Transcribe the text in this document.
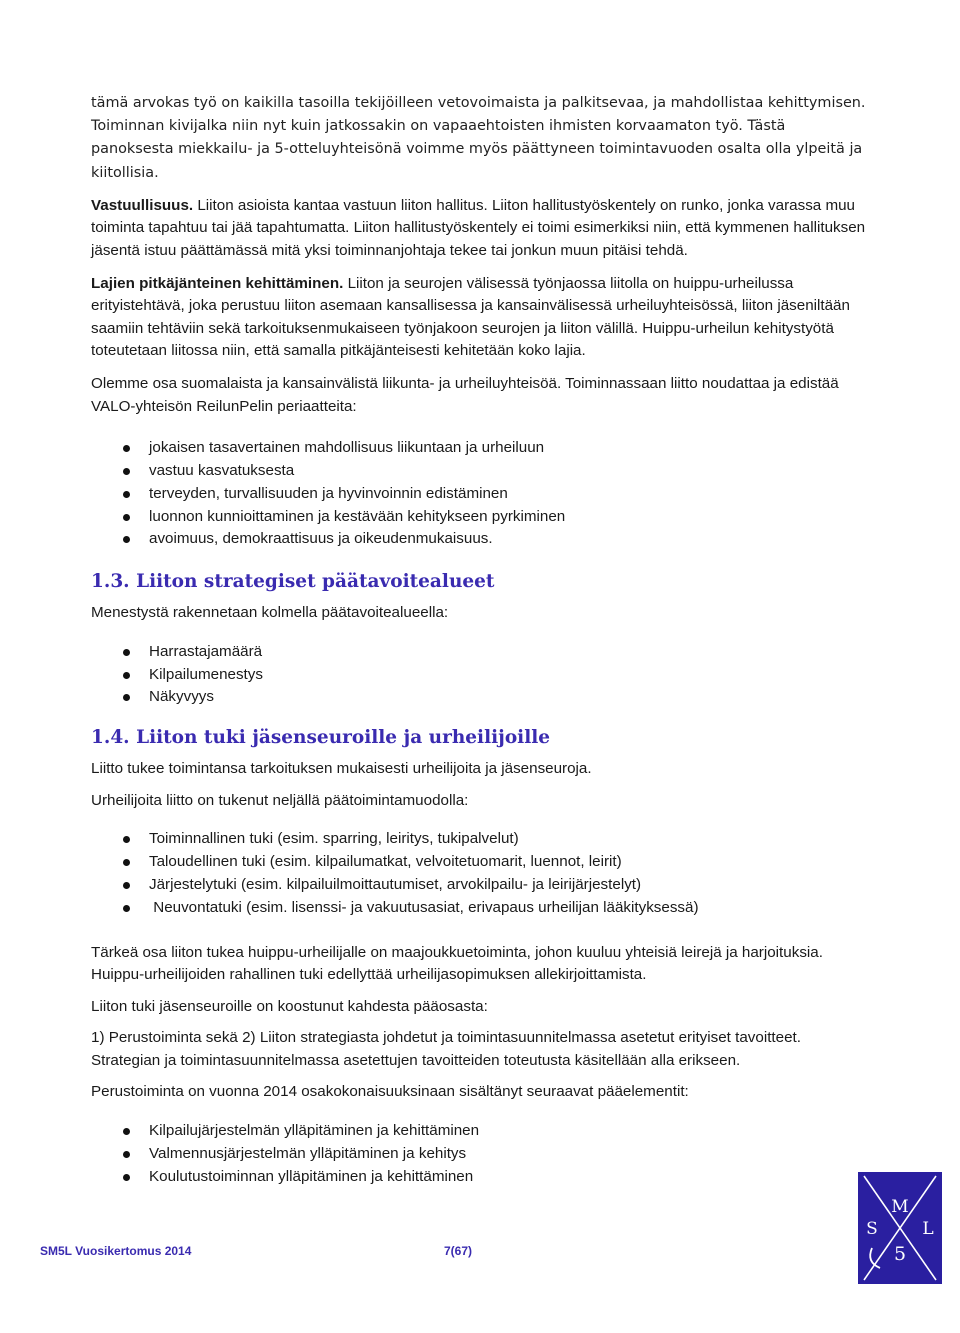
tämä arvokas työ on kaikilla tasoilla tekijöilleen vetovoimaista ja palkitsevaa, ja mahdollistaa kehittymisen. Toiminnan kivijalka niin nyt kuin jatkossakin on vapaaehtoisten ihmisten korvaamaton työ. Tästä panoksesta miekkailu- ja 5-otteluyhteisönä voimme myös päättyneen toimintavuoden osalta olla ylpeitä ja kiitollisia.

Vastuullisuus. Liiton asioista kantaa vastuun liiton hallitus. Liiton hallitustyöskentely on runko, jonka varassa muu toiminta tapahtuu tai jää tapahtumatta. Liiton hallitustyöskentely ei toimi esimerkiksi niin, että kymmenen hallituksen jäsentä istuu päättämässä mitä yksi toiminnanjohtaja tekee tai jonkun muun pitäisi tehdä.

Lajien pitkäjänteinen kehittäminen. Liiton ja seurojen välisessä työnjaossa liitolla on huippu-urheilussa erityistehtävä, joka perustuu liiton asemaan kansallisessa ja kansainvälisessä urheiluyhteisössä, liiton jäseniltään saamiin tehtäviin sekä tarkoituksenmukaiseen työnjakoon seurojen ja liiton välillä. Huippu-urheilun kehitystyötä toteutetaan liitossa niin, että samalla pitkäjänteisesti kehitetään koko lajia.

Olemme osa suomalaista ja kansainvälistä liikunta- ja urheiluyhteisöä. Toiminnassaan liitto noudattaa ja edistää VALO-yhteisön ReilunPelin periaatteita:

jokaisen tasavertainen mahdollisuus liikuntaan ja urheiluun
vastuu kasvatuksesta
terveyden, turvallisuuden ja hyvinvoinnin edistäminen
luonnon kunnioittaminen ja kestävään kehitykseen pyrkiminen
avoimuus, demokraattisuus ja oikeudenmukaisuus.
1.3. Liiton strategiset päätavoitealueet

Menestystä rakennetaan kolmella päätavoitealueella:

Harrastajamäärä
Kilpailumenestys
Näkyvyys
1.4. Liiton tuki jäsenseuroille ja urheilijoille

Liitto tukee toimintansa tarkoituksen mukaisesti urheilijoita ja jäsenseuroja.

Urheilijoita liitto on tukenut neljällä päätoimintamuodolla:

Toiminnallinen tuki (esim. sparring, leiritys, tukipalvelut)
Taloudellinen tuki (esim. kilpailumatkat, velvoitetuomarit, luennot, leirit)
Järjestelytuki (esim. kilpailuilmoittautumiset, arvokilpailu- ja leirijärjestelyt)
Neuvontatuki (esim. lisenssi- ja vakuutusasiat, erivapaus urheilijan lääkityksessä)

Tärkeä osa liiton tukea huippu-urheilijalle on maajoukkuetoiminta, johon kuuluu yhteisiä leirejä ja harjoituksia. Huippu-urheilijoiden rahallinen tuki edellyttää urheilijasopimuksen allekirjoittamista.

Liiton tuki jäsenseuroille on koostunut kahdesta pääosasta:

1) Perustoiminta sekä 2) Liiton strategiasta johdetut ja toimintasuunnitelmassa asetetut erityiset tavoitteet. Strategian ja toimintasuunnitelmassa asetettujen tavoitteiden toteutusta käsitellään alla erikseen.

Perustoiminta on vuonna 2014 osakokonaisuuksinaan sisältänyt seuraavat pääelementit:

Kilpailujärjestelmän ylläpitäminen ja kehittäminen
Valmennusjärjestelmän ylläpitäminen ja kehitys
Koulutustoiminnan ylläpitäminen ja kehittäminen
SM5L Vuosikertomus 2014	7(67)
M
S	L
5
